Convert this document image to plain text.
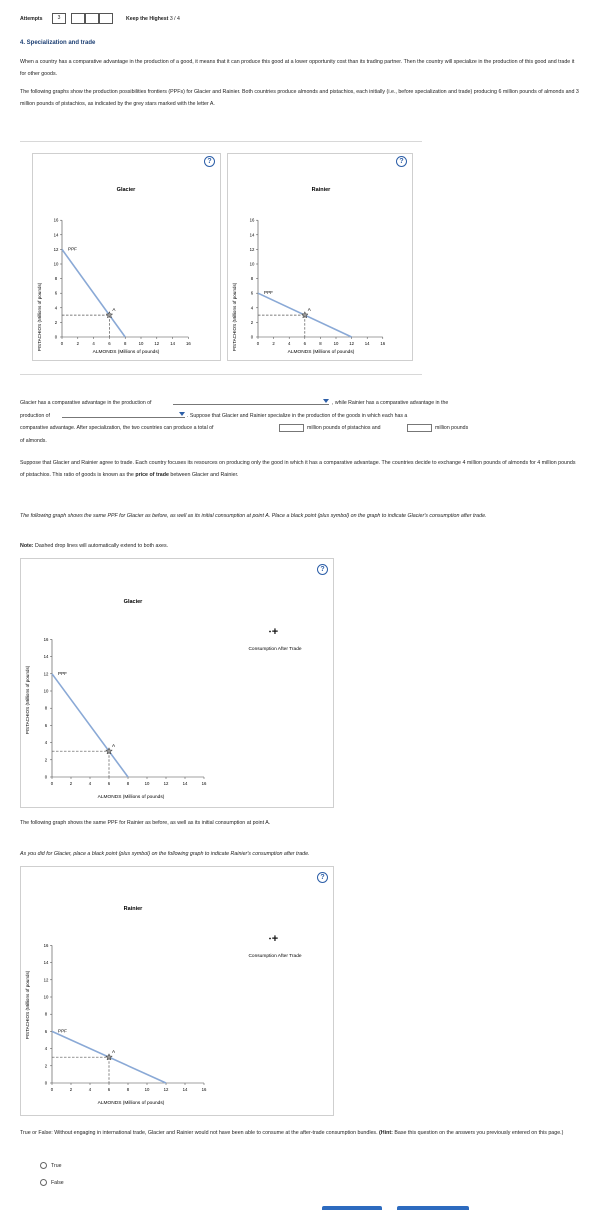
Attempts	3	Keep the Highest 3 / 4
4. Specialization and trade

When a country has a comparative advantage in the production of a good, it means that it can produce this good at a lower opportunity cost than its trading partner. Then the country will specialize in the production of this good and trade it for other goods.

The following graphs show the production possibilities frontiers (PPFs) for Glacier and Rainier. Both countries produce almonds and pistachios, each initially (i.e., before specialization and trade) producing 6 million pounds of almonds and 3 million pounds of pistachios, as indicated by the grey stars marked with the letter A.

?
Glacier
PISTACHIOS (Millions of pounds)	0
0
2
2
4
4
6
6
8
8
10
10
12
12
14
14
16
16
PPF
A
ALMONDS (Millions of pounds)
?
Rainier
PISTACHIOS (Millions of pounds)	0
0
2
2
4
4
6
6
8
8
10
10
12
12
14
14
16
16
PPF
A
ALMONDS (Millions of pounds)
Glacier has a comparative advantage in the production of	, while Rainier has a comparative advantage in the
production of	. Suppose that Glacier and Rainier specialize in the production of the goods in which each has a
comparative advantage. After specialization, the two countries can produce a total of	million pounds of pistachios and	million pounds
of almonds.

Suppose that Glacier and Rainier agree to trade. Each country focuses its resources on producing only the good in which it has a comparative advantage. The countries decide to exchange 4 million pounds of almonds for 4 million pounds of pistachios. This ratio of goods is known as the price of trade between Glacier and Rainier.

The following graph shows the same PPF for Glacier as before, as well as its initial consumption at point A. Place a black point (plus symbol) on the graph to indicate Glacier's consumption after trade.

Note: Dashed drop lines will automatically extend to both axes.

?
Glacier
PISTACHIOS (Millions of pounds)
0
0
2
2
4
4
6
6
8
8
10
10
12
12
14
14
16
16
PPF
A
ALMONDS (Millions of pounds)
+
Consumption After Trade

The following graph shows the same PPF for Rainier as before, as well as its initial consumption at point A.

As you did for Glacier, place a black point (plus symbol) on the following graph to indicate Rainier's consumption after trade.

?
Rainier
PISTACHIOS (Millions of pounds)
0
0
2
2
4
4
6
6
8
8
10
10
12
12
14
14
16
16
PPF
A
ALMONDS (Millions of pounds)
+
Consumption After Trade

True or False: Without engaging in international trade, Glacier and Rainier would not have been able to consume at the after-trade consumption bundles. (Hint: Base this question on the answers you previously entered on this page.)

True
False
